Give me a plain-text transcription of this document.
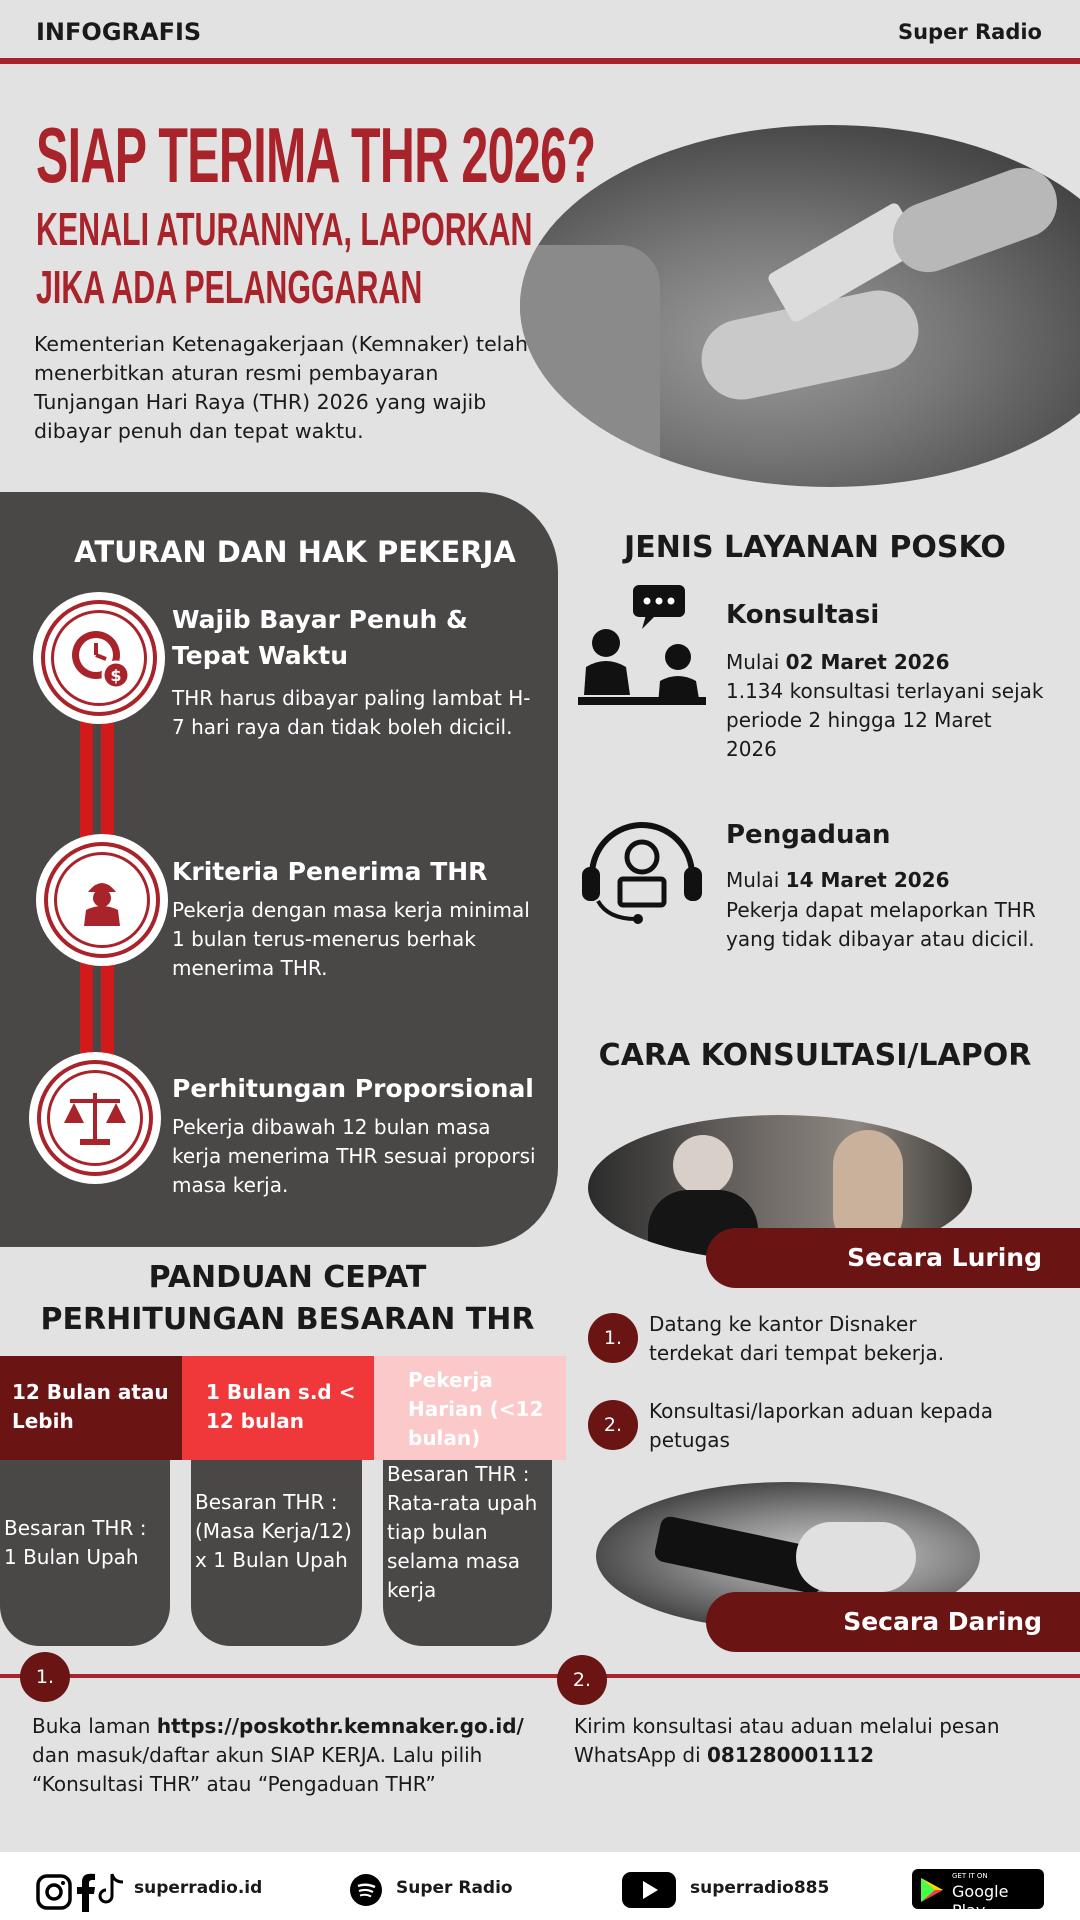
INFOGRAFIS	Super Radio
SIAP TERIMA THR 2026?
KENALI ATURANNYA, LAPORKAN JIKA ADA PELANGGARAN
Kementerian Ketenagakerjaan (Kemnaker) telah menerbitkan aturan resmi pembayaran Tunjangan Hari Raya (THR) 2026 yang wajib dibayar penuh dan tepat waktu.
ATURAN DAN HAK PEKERJA
$
Wajib Bayar Penuh & Tepat Waktu
THR harus dibayar paling lambat H-7 hari raya dan tidak boleh dicicil.
Kriteria Penerima THR
Pekerja dengan masa kerja minimal 1 bulan terus-menerus berhak menerima THR.
Perhitungan Proporsional
Pekerja dibawah 12 bulan masa kerja menerima THR sesuai proporsi masa kerja.
JENIS LAYANAN POSKO
Konsultasi
Mulai 02 Maret 2026
1.134 konsultasi terlayani sejak periode 2 hingga 12 Maret 2026
Pengaduan
Mulai 14 Maret 2026
Pekerja dapat melaporkan THR yang tidak dibayar atau dicicil.
CARA KONSULTASI/LAPOR
Secara Luring
1.
Datang ke kantor Disnaker terdekat dari tempat bekerja.
2.
Konsultasi/laporkan aduan kepada petugas
Secara Daring
PANDUAN CEPAT
PERHITUNGAN BESARAN THR
12 Bulan atau Lebih
1 Bulan s.d < 12 bulan
Pekerja Harian (<12 bulan)
Besaran THR : 1 Bulan Upah
Besaran THR : (Masa Kerja/12) x 1 Bulan Upah
Besaran THR : Rata-rata upah tiap bulan selama masa kerja
1.	2.
Buka laman https://poskothr.kemnaker.go.id/ dan masuk/daftar akun SIAP KERJA. Lalu pilih “Konsultasi THR” atau “Pengaduan THR”
Kirim konsultasi atau aduan melalui pesan WhatsApp di 081280001112
superradio.id	Super Radio	superradio885
GET IT ON
Google Play
